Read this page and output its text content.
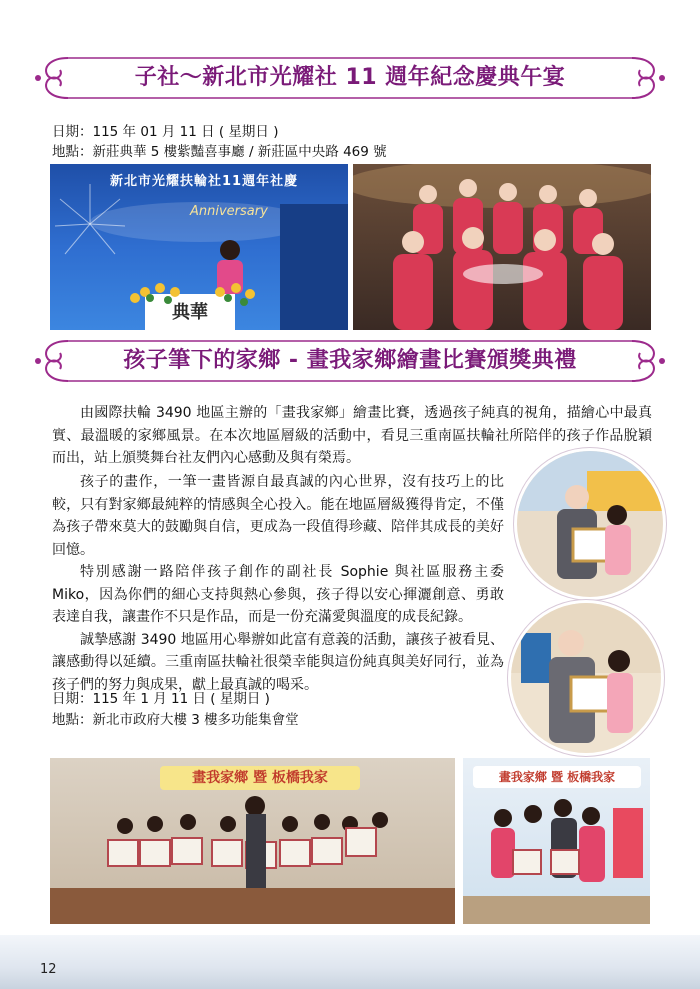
子社～新北市光耀社 11 週年紀念慶典午宴
日期：115 年 01 月 11 日 ( 星期日 )
地點：新莊典華 5 樓紫豔喜事廳 / 新莊區中央路 469 號
新北市光耀扶輪社11週年社慶
Anniversary
典華
孩子筆下的家鄉 - 畫我家鄉繪畫比賽頒獎典禮

由國際扶輪 3490 地區主辦的「畫我家鄉」繪畫比賽，透過孩子純真的視角，描繪心中最真實、最溫暖的家鄉風景。在本次地區層級的活動中，看見三重南區扶輪社所陪伴的孩子作品脫穎而出，站上頒獎舞台社友們內心感動及與有榮焉。

孩子的畫作，一筆一畫皆源自最真誠的內心世界，沒有技巧上的比較，只有對家鄉最純粹的情感與全心投入。能在地區層級獲得肯定，不僅為孩子帶來莫大的鼓勵與自信，更成為一段值得珍藏、陪伴其成長的美好回憶。

特別感謝一路陪伴孩子創作的副社長 Sophie 與社區服務主委 Miko，因為你們的細心支持與熱心參與，孩子得以安心揮灑創意、勇敢表達自我，讓畫作不只是作品，而是一份充滿愛與溫度的成長紀錄。

誠摯感謝 3490 地區用心舉辦如此富有意義的活動，讓孩子被看見、讓感動得以延續。三重南區扶輪社很榮幸能與這份純真與美好同行，並為孩子們的努力與成果，獻上最真誠的喝采。

日期：115 年 1 月 11 日 ( 星期日 )
地點：新北市政府大樓 3 樓多功能集會堂
畫我家鄉 暨 板橋我家	畫我家鄉 暨 板橋我家
12
